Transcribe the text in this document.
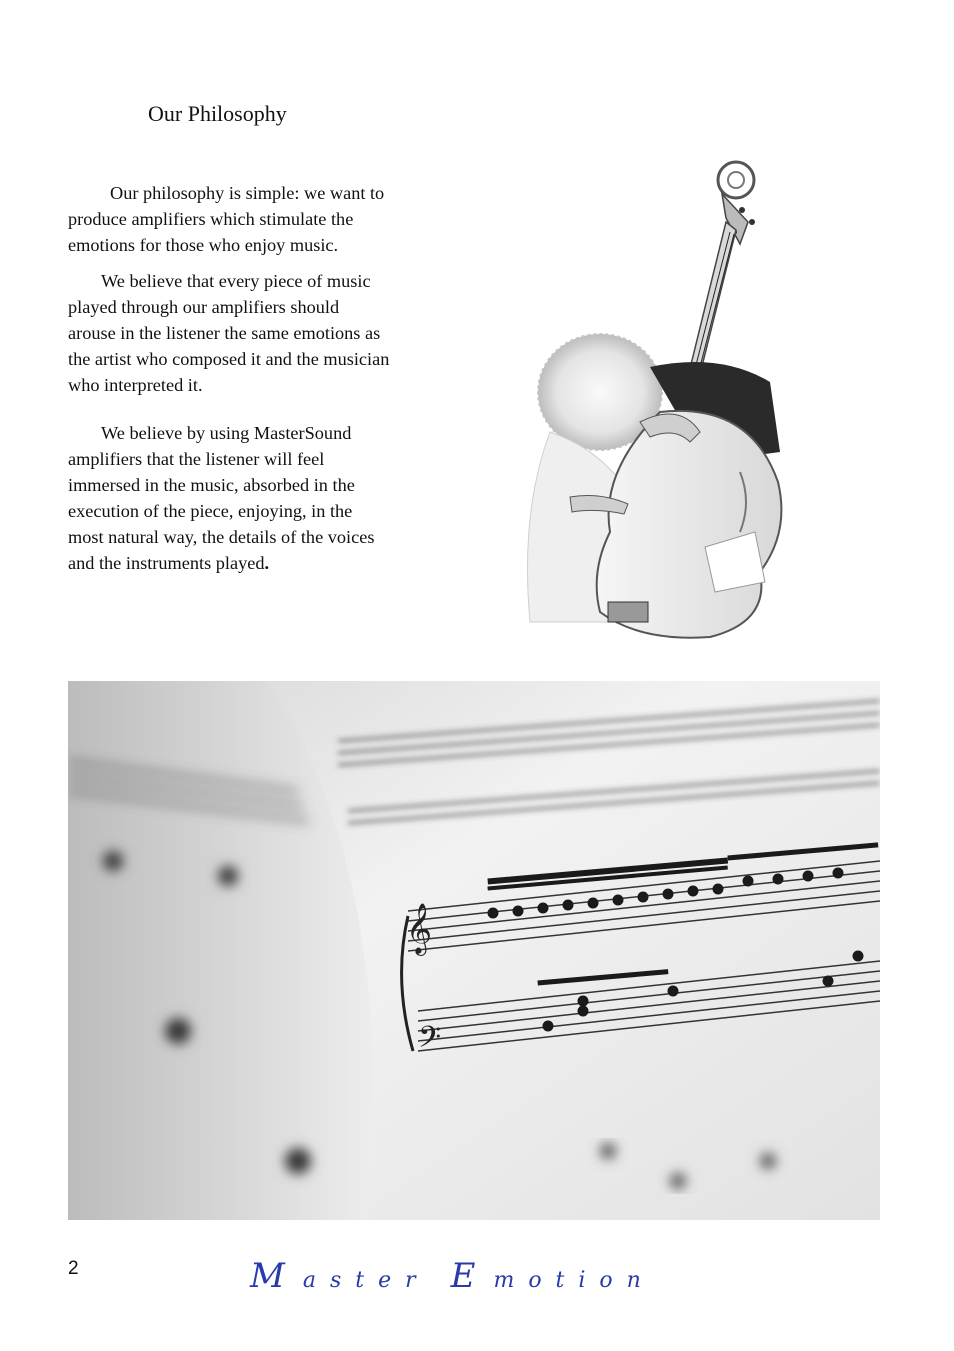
Our Philosophy

Our philosophy is simple: we want to produce amplifiers which stimulate the emotions for those who enjoy music.

We believe that every piece of music played through our amplifiers should arouse in the listener the same emotions as the artist who composed it and the musician who interpreted it.

We believe by using MasterSound amplifiers that the listener will feel immersed in the music, absorbed in the execution of the piece, enjoying, in the most natural way, the details of the voices and the instruments played.

𝄞
𝄢
2	Master Emotion
